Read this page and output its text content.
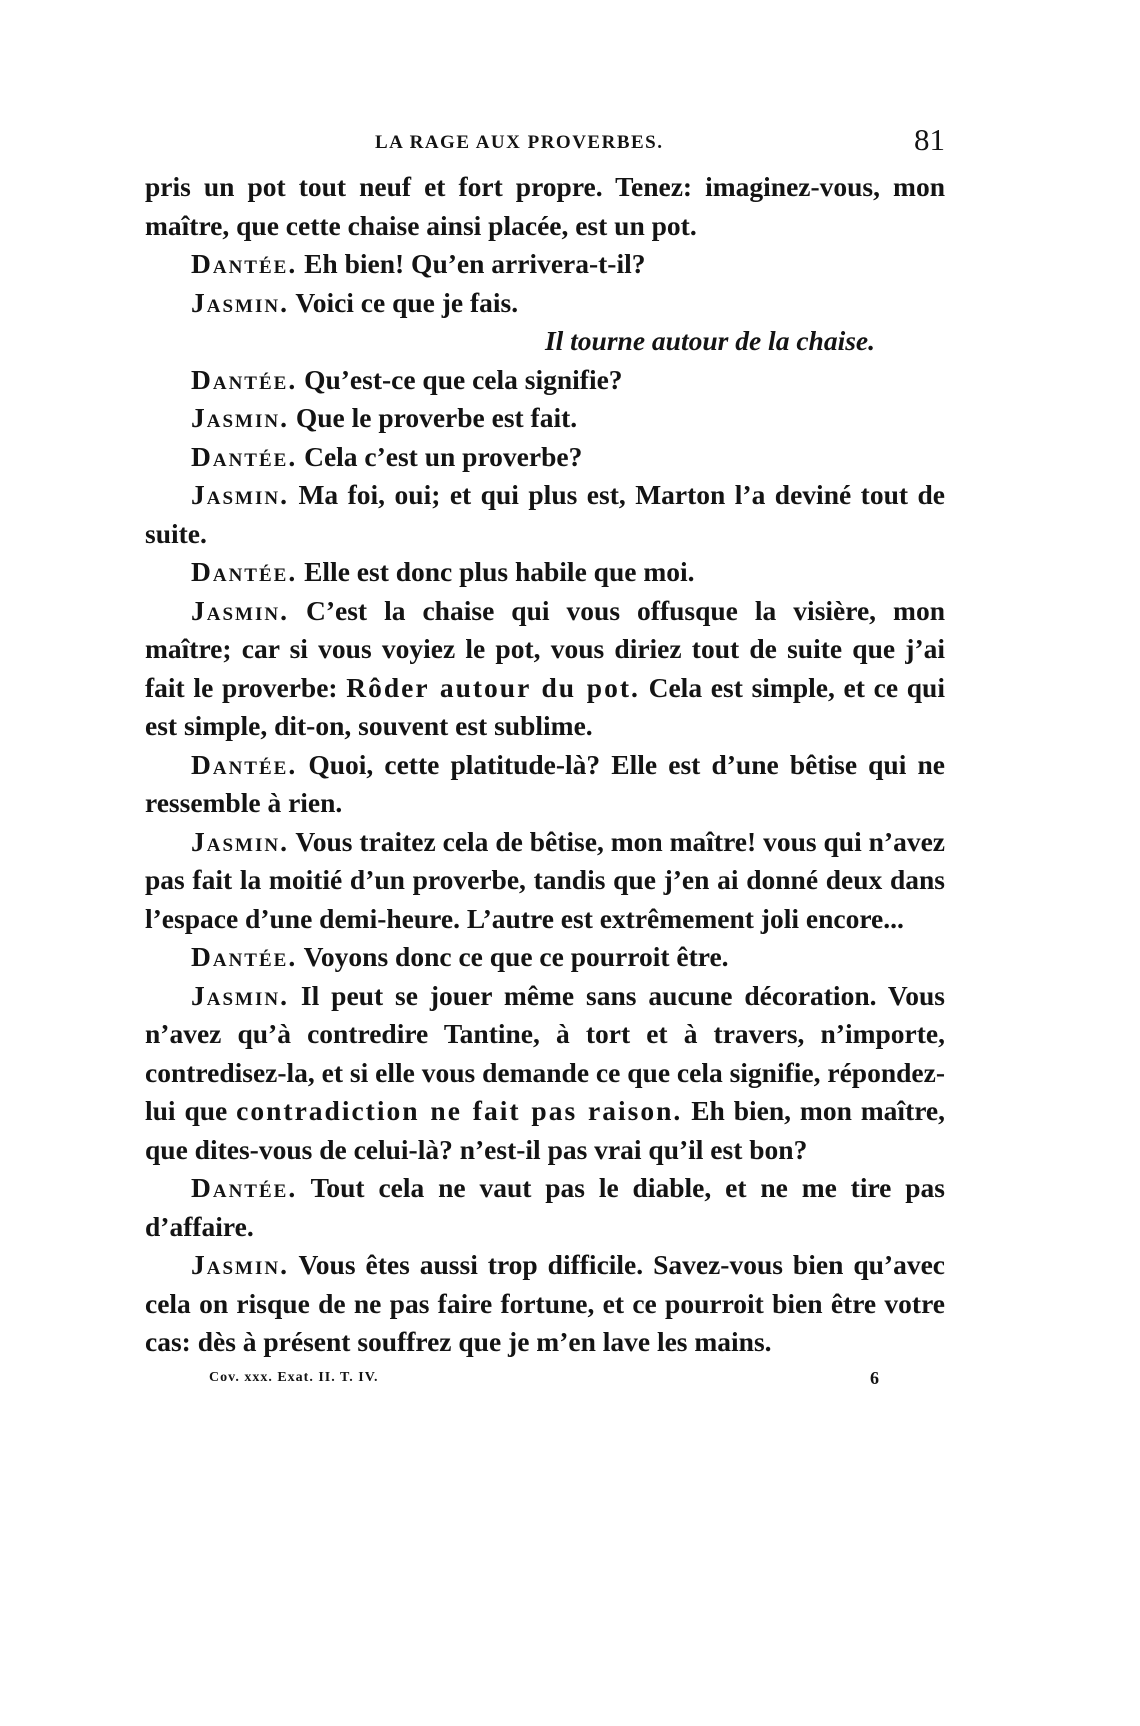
LA RAGE AUX PROVERBES.	81

pris un pot tout neuf et fort propre. Tenez: imaginez-vous, mon maître, que cette chaise ainsi placée, est un pot.

Dantée. Eh bien! Qu’en arrivera-t-il?

Jasmin. Voici ce que je fais.

Il tourne autour de la chaise.

Dantée. Qu’est-ce que cela signifie?

Jasmin. Que le proverbe est fait.

Dantée. Cela c’est un proverbe?

Jasmin. Ma foi, oui; et qui plus est, Marton l’a deviné tout de suite.

Dantée. Elle est donc plus habile que moi.

Jasmin. C’est la chaise qui vous offusque la visière, mon maître; car si vous voyiez le pot, vous diriez tout de suite que j’ai fait le proverbe: Rôder autour du pot. Cela est simple, et ce qui est simple, dit-on, souvent est sublime.

Dantée. Quoi, cette platitude-là? Elle est d’une bêtise qui ne ressemble à rien.

Jasmin. Vous traitez cela de bêtise, mon maître! vous qui n’avez pas fait la moitié d’un proverbe, tandis que j’en ai donné deux dans l’espace d’une demi-heure. L’autre est extrêmement joli encore...

Dantée. Voyons donc ce que ce pourroit être.

Jasmin. Il peut se jouer même sans aucune décoration. Vous n’avez qu’à contredire Tantine, à tort et à travers, n’importe, contredisez-la, et si elle vous demande ce que cela signifie, répondez-lui que contradiction ne fait pas raison. Eh bien, mon maître, que dites-vous de celui-là? n’est-il pas vrai qu’il est bon?

Dantée. Tout cela ne vaut pas le diable, et ne me tire pas d’affaire.

Jasmin. Vous êtes aussi trop difficile. Savez-vous bien qu’avec cela on risque de ne pas faire fortune, et ce pourroit bien être votre cas: dès à présent souffrez que je m’en lave les mains.

Cov. xxx. Exat. II. T. IV.	6
